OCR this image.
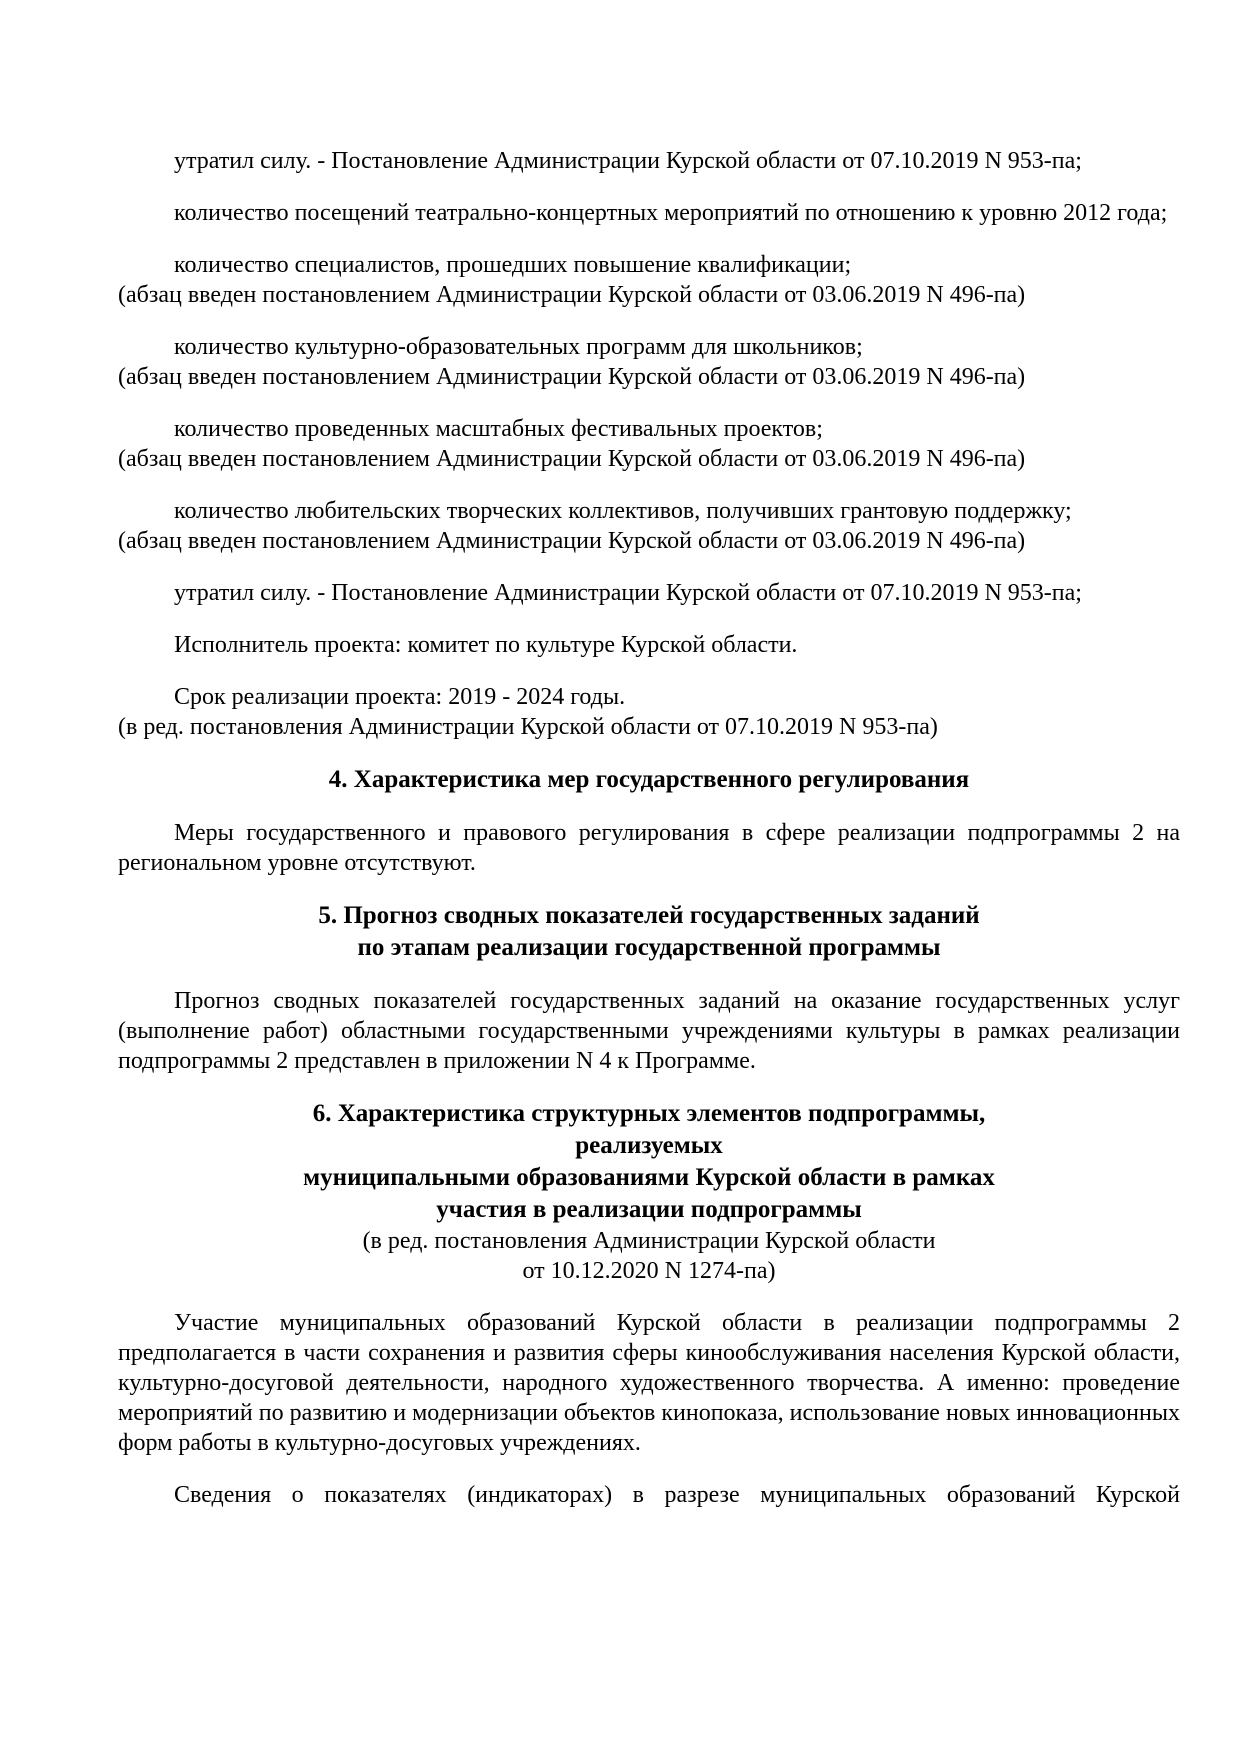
утратил силу. - Постановление Администрации Курской области от 07.10.2019 N 953-па;

количество посещений театрально-концертных мероприятий по отношению к уровню 2012 года;

количество специалистов, прошедших повышение квалификации;

(абзац введен постановлением Администрации Курской области от 03.06.2019 N 496-па)

количество культурно-образовательных программ для школьников;

(абзац введен постановлением Администрации Курской области от 03.06.2019 N 496-па)

количество проведенных масштабных фестивальных проектов;

(абзац введен постановлением Администрации Курской области от 03.06.2019 N 496-па)

количество любительских творческих коллективов, получивших грантовую поддержку;

(абзац введен постановлением Администрации Курской области от 03.06.2019 N 496-па)

утратил силу. - Постановление Администрации Курской области от 07.10.2019 N 953-па;

Исполнитель проекта: комитет по культуре Курской области.

Срок реализации проекта: 2019 - 2024 годы.

(в ред. постановления Администрации Курской области от 07.10.2019 N 953-па)

4. Характеристика мер государственного регулирования

Меры государственного и правового регулирования в сфере реализации подпрограммы 2 на региональном уровне отсутствуют.

5. Прогноз сводных показателей государственных заданий
по этапам реализации государственной программы

Прогноз сводных показателей государственных заданий на оказание государственных услуг (выполнение работ) областными государственными учреждениями культуры в рамках реализации подпрограммы 2 представлен в приложении N 4 к Программе.

6. Характеристика структурных элементов подпрограммы,
реализуемых
муниципальными образованиями Курской области в рамках
участия в реализации подпрограммы

(в ред. постановления Администрации Курской области
от 10.12.2020 N 1274-па)

Участие муниципальных образований Курской области в реализации подпрограммы 2 предполагается в части сохранения и развития сферы кинообслуживания населения Курской области, культурно-досуговой деятельности, народного художественного творчества. А именно: проведение мероприятий по развитию и модернизации объектов кинопоказа, использование новых инновационных форм работы в культурно-досуговых учреждениях.

Сведения о показателях (индикаторах) в разрезе муниципальных образований Курской
